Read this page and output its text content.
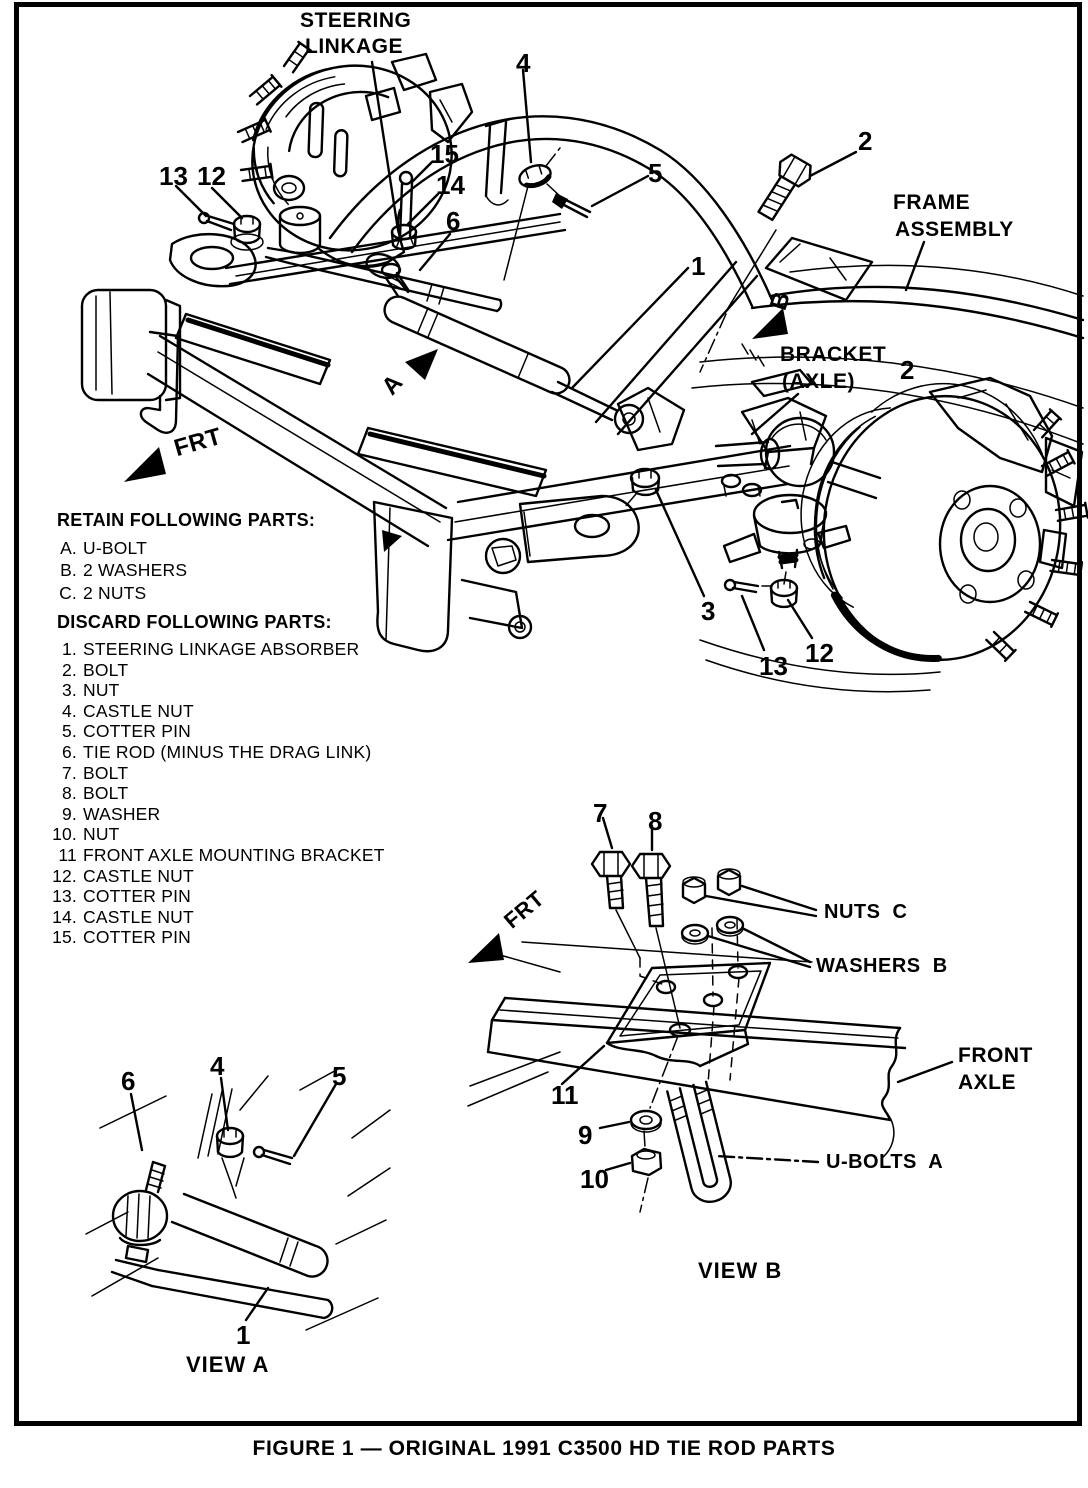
STEERING
LINKAGE
FRAME
ASSEMBLY
BRACKET
(AXLE)
FRT
A
B
13 12
15
14
6
4
5
2
1
2
3
13 12
RETAIN FOLLOWING PARTS:
A. U-BOLT
B. 2 WASHERS
C. 2 NUTS
DISCARD FOLLOWING PARTS:
1. STEERING LINKAGE ABSORBER
2. BOLT
3. NUT
4. CASTLE NUT
5. COTTER PIN
6. TIE ROD (MINUS THE DRAG LINK)
7. BOLT
8. BOLT
9. WASHER
10. NUT
11 FRONT AXLE MOUNTING BRACKET
12. CASTLE NUT
13. COTTER PIN
14. CASTLE NUT
15. COTTER PIN
6	4	5
1
VIEW A
7 8
FRT	NUTS  C
WASHERS  B
FRONT
AXLE
11
9
10
U-BOLTS  A
VIEW B
FIGURE 1 — ORIGINAL 1991 C3500 HD TIE ROD PARTS
